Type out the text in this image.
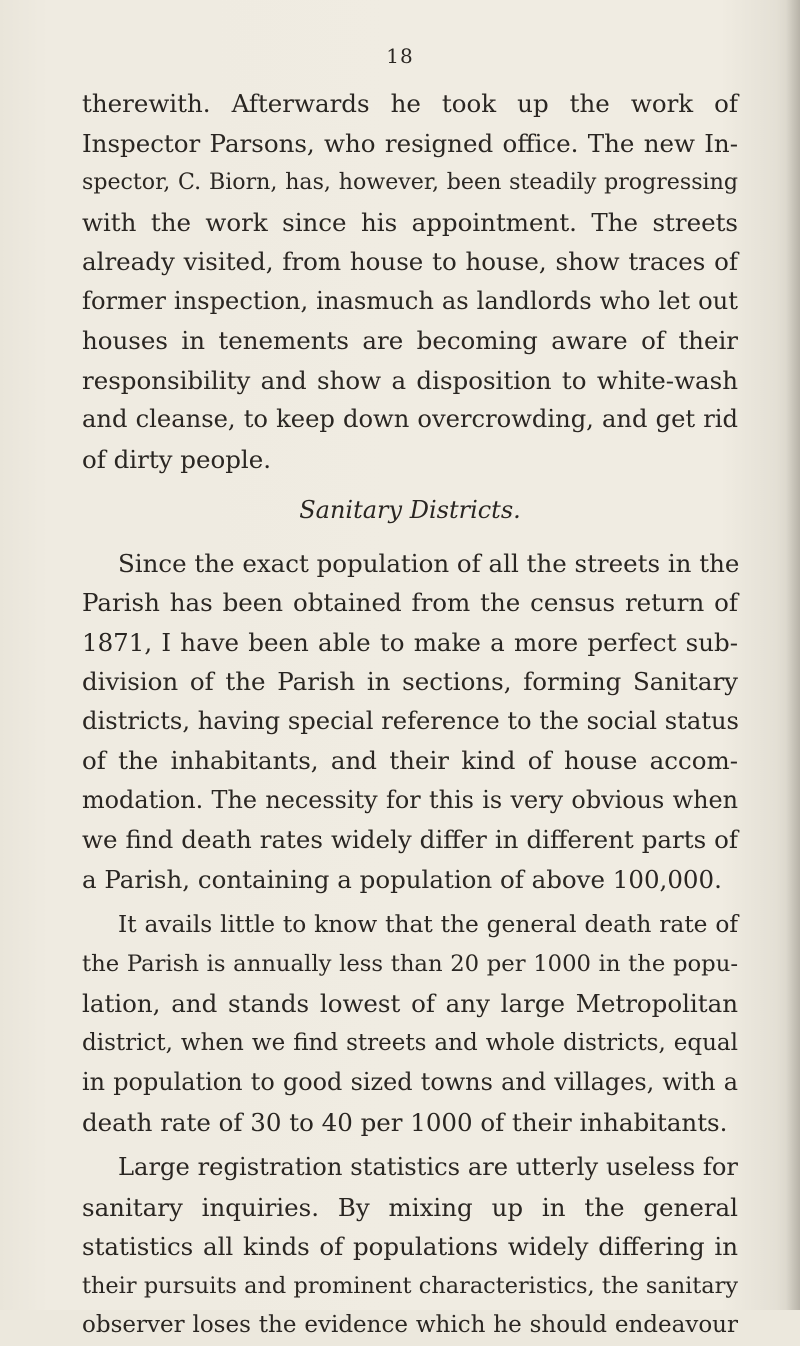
18
therewith. Afterwards he took up the work of
Inspector Parsons, who resigned office. The new In-
spector, C. Biorn, has, however, been steadily progressing
with the work since his appointment. The streets
already visited, from house to house, show traces of
former inspection, inasmuch as landlords who let out
houses in tenements are becoming aware of their
responsibility and show a disposition to white-wash
and cleanse, to keep down overcrowding, and get rid
of dirty people.
Sanitary Districts.
Since the exact population of all the streets in the
Parish has been obtained from the census return of
1871, I have been able to make a more perfect sub-
division of the Parish in sections, forming Sanitary
districts, having special reference to the social status
of the inhabitants, and their kind of house accom-
modation. The necessity for this is very obvious when
we find death rates widely differ in different parts of
a Parish, containing a population of above 100,000.
It avails little to know that the general death rate of
the Parish is annually less than 20 per 1000 in the popu-
lation, and stands lowest of any large Metropolitan
district, when we find streets and whole districts, equal
in population to good sized towns and villages, with a
death rate of 30 to 40 per 1000 of their inhabitants.
Large registration statistics are utterly useless for
sanitary inquiries. By mixing up in the general
statistics all kinds of populations widely differing in
their pursuits and prominent characteristics, the sanitary
observer loses the evidence which he should endeavour
